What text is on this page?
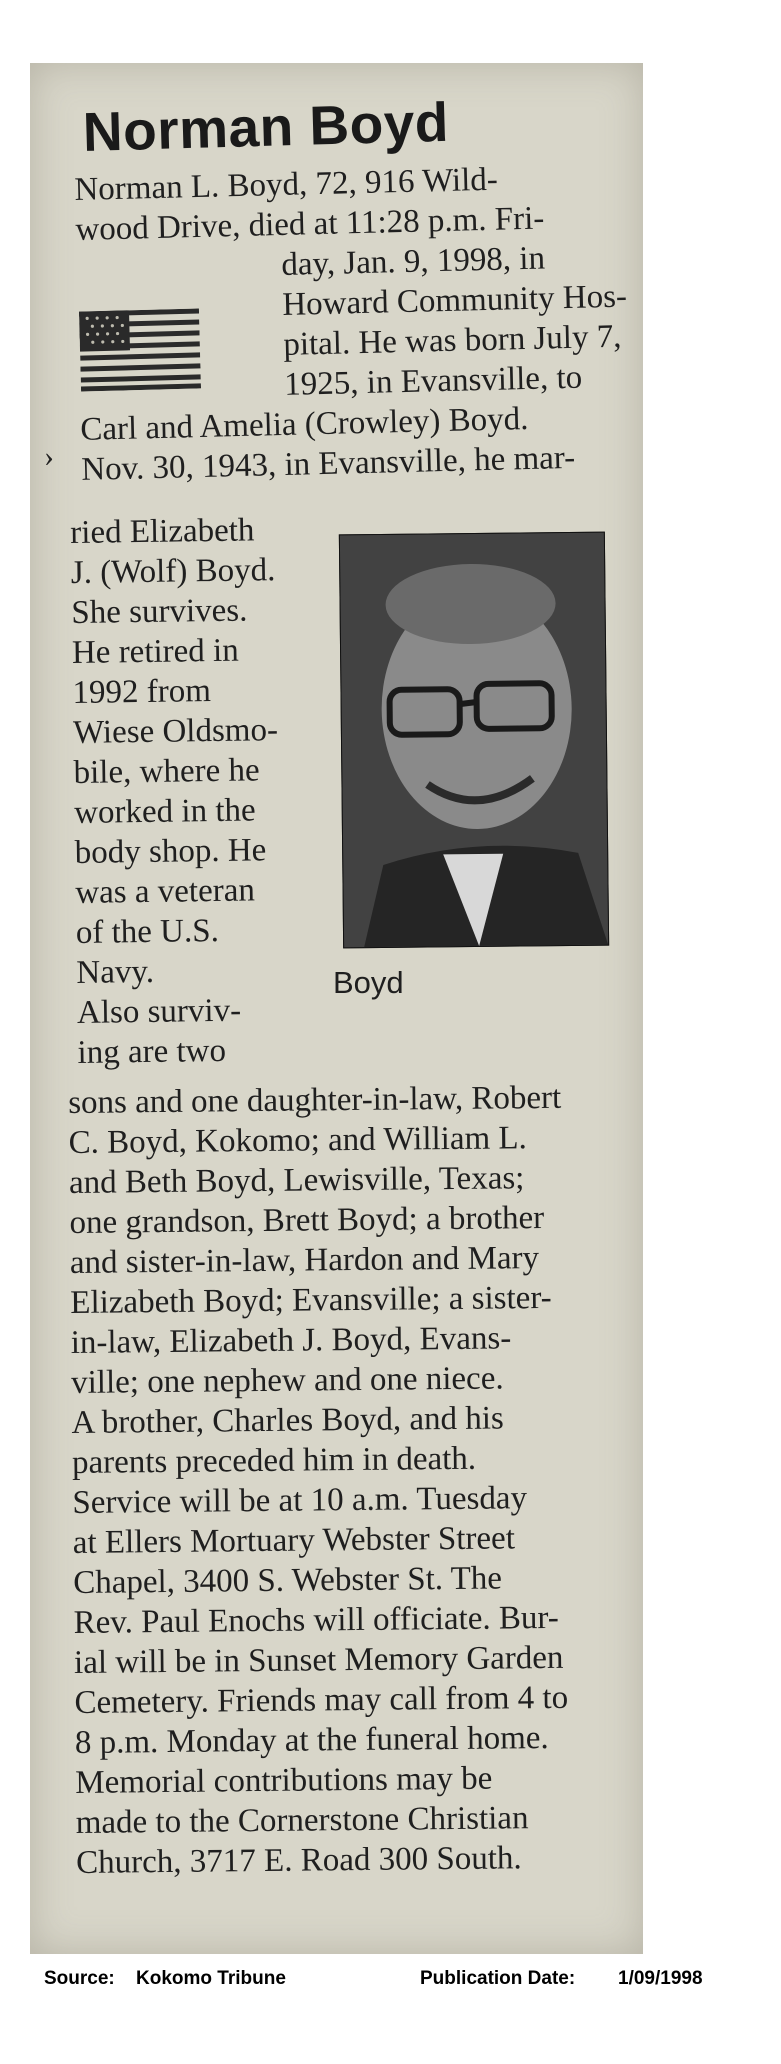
Norman Boyd
Norman L. Boyd, 72, 916 Wild-
wood Drive, died at 11:28 p.m. Fri-
day, Jan. 9, 1998, in
Howard Community Hos-
pital. He was born July 7,
1925, in Evansville, to
Carl and Amelia (Crowley) Boyd.
Nov. 30, 1943, in Evansville, he mar-
›
ried Elizabeth
J. (Wolf) Boyd.
She survives.
He retired in
1992 from
Wiese Oldsmo-
bile, where he
worked in the
body shop. He
was a veteran
of the U.S.
Navy.
Also surviv-
ing are two
Boyd
sons and one daughter-in-law, Robert
C. Boyd, Kokomo; and William L.
and Beth Boyd, Lewisville, Texas;
one grandson, Brett Boyd; a brother
and sister-in-law, Hardon and Mary
Elizabeth Boyd; Evansville; a sister-
in-law, Elizabeth J. Boyd, Evans-
ville; one nephew and one niece.
A brother, Charles Boyd, and his
parents preceded him in death.
Service will be at 10 a.m. Tuesday
at Ellers Mortuary Webster Street
Chapel, 3400 S. Webster St. The
Rev. Paul Enochs will officiate. Bur-
ial will be in Sunset Memory Garden
Cemetery. Friends may call from 4 to
8 p.m. Monday at the funeral home.
Memorial contributions may be
made to the Cornerstone Christian
Church, 3717 E. Road 300 South.
Source: Kokomo Tribune	Publication Date: 1/09/1998
